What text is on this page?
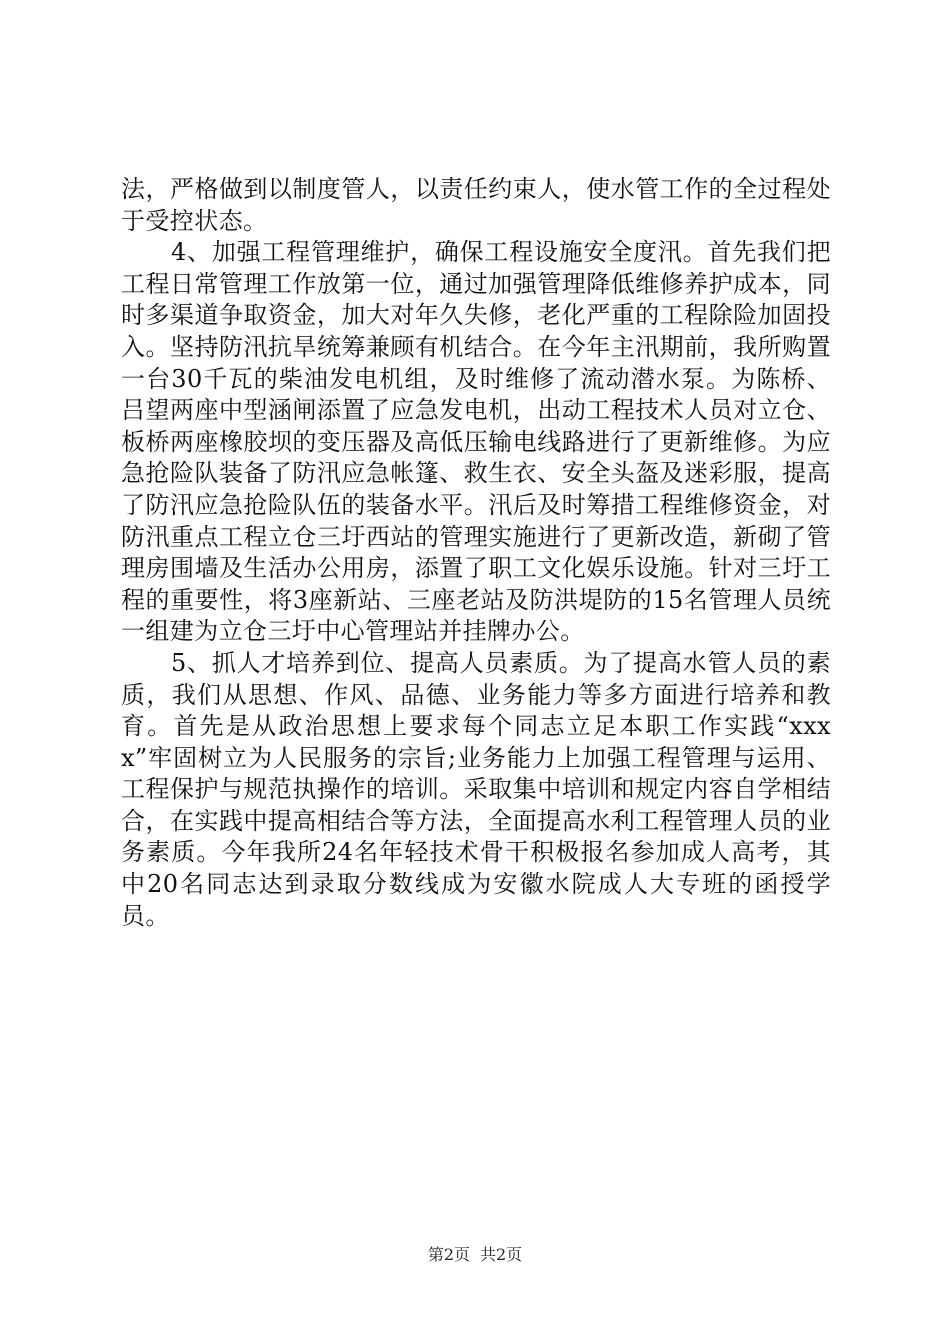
法，严格做到以制度管人，以责任约束人，使水管工作的全过程处于受控状态。

4、加强工程管理维护，确保工程设施安全度汛。首先我们把工程日常管理工作放第一位，通过加强管理降低维修养护成本，同时多渠道争取资金，加大对年久失修，老化严重的工程除险加固投入。坚持防汛抗旱统筹兼顾有机结合。在今年主汛期前，我所购置一台30千瓦的柴油发电机组，及时维修了流动潜水泵。为陈桥、吕望两座中型涵闸添置了应急发电机，出动工程技术人员对立仓、板桥两座橡胶坝的变压器及高低压输电线路进行了更新维修。为应急抢险队装备了防汛应急帐篷、救生衣、安全头盔及迷彩服，提高了防汛应急抢险队伍的装备水平。汛后及时筹措工程维修资金，对防汛重点工程立仓三圩西站的管理实施进行了更新改造，新砌了管理房围墙及生活办公用房，添置了职工文化娱乐设施。针对三圩工程的重要性，将3座新站、三座老站及防洪堤防的15名管理人员统一组建为立仓三圩中心管理站并挂牌办公。

5、抓人才培养到位、提高人员素质。为了提高水管人员的素质，我们从思想、作风、品德、业务能力等多方面进行培养和教育。首先是从政治思想上要求每个同志立足本职工作实践“xxxx”牢固树立为人民服务的宗旨;业务能力上加强工程管理与运用、工程保护与规范执操作的培训。采取集中培训和规定内容自学相结合，在实践中提高相结合等方法，全面提高水利工程管理人员的业务素质。今年我所24名年轻技术骨干积极报名参加成人高考，其中20名同志达到录取分数线成为安徽水院成人大专班的函授学员。

第2页 共2页
